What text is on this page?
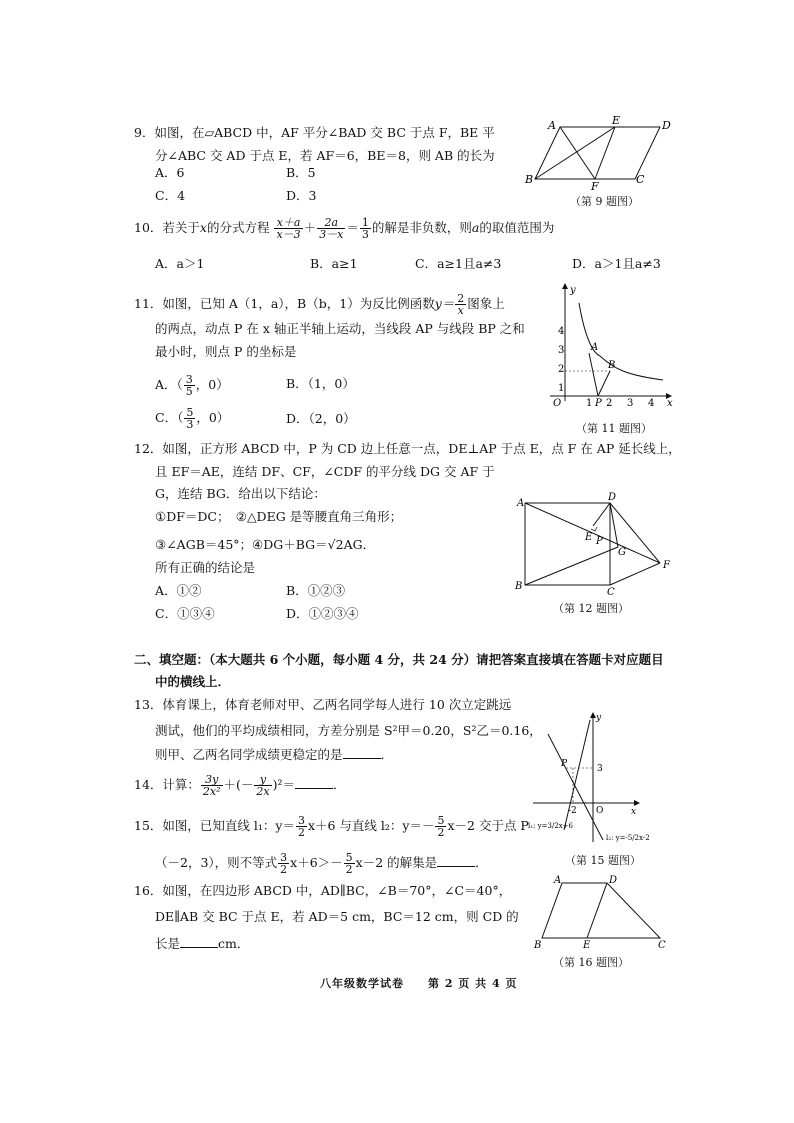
9．如图，在▱ABCD 中，AF 平分∠BAD 交 BC 于点 F，BE 平
分∠ABC 交 AD 于点 E，若 AF＝6，BE＝8，则 AB 的长为
A．6	B．5
C．4	D．3
A	E	D
B
F
C
（第 9 题图）
10．若关于x的分式方程 $\frac{x+a}{x-3} + \frac{2a}{3-x} = \frac{1}{3}$ 的解是非负数，则a的取值范围为
A．a＞1	B．a≥1	C．a≥1且a≠3	D．a＞1且a≠3
11．如图，已知 A（1，a），B（b，1）为反比例函数$y= \frac{2}{x}$ 图象上
的两点，动点 P 在 x 轴正半轴上运动，当线段 AP 与线段 BP 之和
最小时，则点 P 的坐标是
A．（ $\frac{3}{5}$ ，0）	B．（1，0）
C．（ $\frac{5}{3}$ ，0）	D．（2，0）
y
x
O
4
3
2
1
1 P 2 3 4
A
B
（第 11 题图）
12．如图，正方形 ABCD 中，P 为 CD 边上任意一点，DE⊥AP 于点 E，点 F 在 AP 延长线上，
且 EF＝AE，连结 DF、CF，∠CDF 的平分线 DG 交 AF 于
G，连结 BG．给出以下结论：
①DF＝DC；　②△DEG 是等腰直角三角形；
③∠AGB＝45°；④DG＋BG＝√2AG．
所有正确的结论是
A．①②	B．①②③
C．①③④	D．①②③④
A
D
E P
G
F
B
C
（第 12 题图）
二、填空题：（本大题共 6 个小题，每小题 4 分，共 24 分）请把答案直接填在答题卡对应题目
中的横线上．
13．体育课上，体育老师对甲、乙两名同学每人进行 10 次立定跳远
测试，他们的平均成绩相同，方差分别是 S²甲＝0.20，S²乙＝0.16，
则甲、乙两名同学成绩更稳定的是	．
14．计算： $\frac{3y}{\text{2x²}}$ ＋(－ $\frac{y}{2x} )^2=$	．
15．如图，已知直线 l₁：$y= \frac{3}{2} x+6$ 与直线 l₂：$y=- \frac{5}{2} x-2$ 交于点 P
（－2，3），则不等式 $\frac{3}{2} x+6>- \frac{5}{2} x-2$ 的解集是	．
y
x
O
3
-2
P
l₁: y=3/2x+6
l₂: y=-5/2x-2
（第 15 题图）
16．如图，在四边形 ABCD 中，AD∥BC，∠B＝70°，∠C＝40°，
DE∥AB 交 BC 于点 E，若 AD＝5 cm，BC＝12 cm，则 CD 的
长是	cm．
A	D
B	E	C
（第 16 题图）
八年级数学试卷　　第 2 页 共 4 页
